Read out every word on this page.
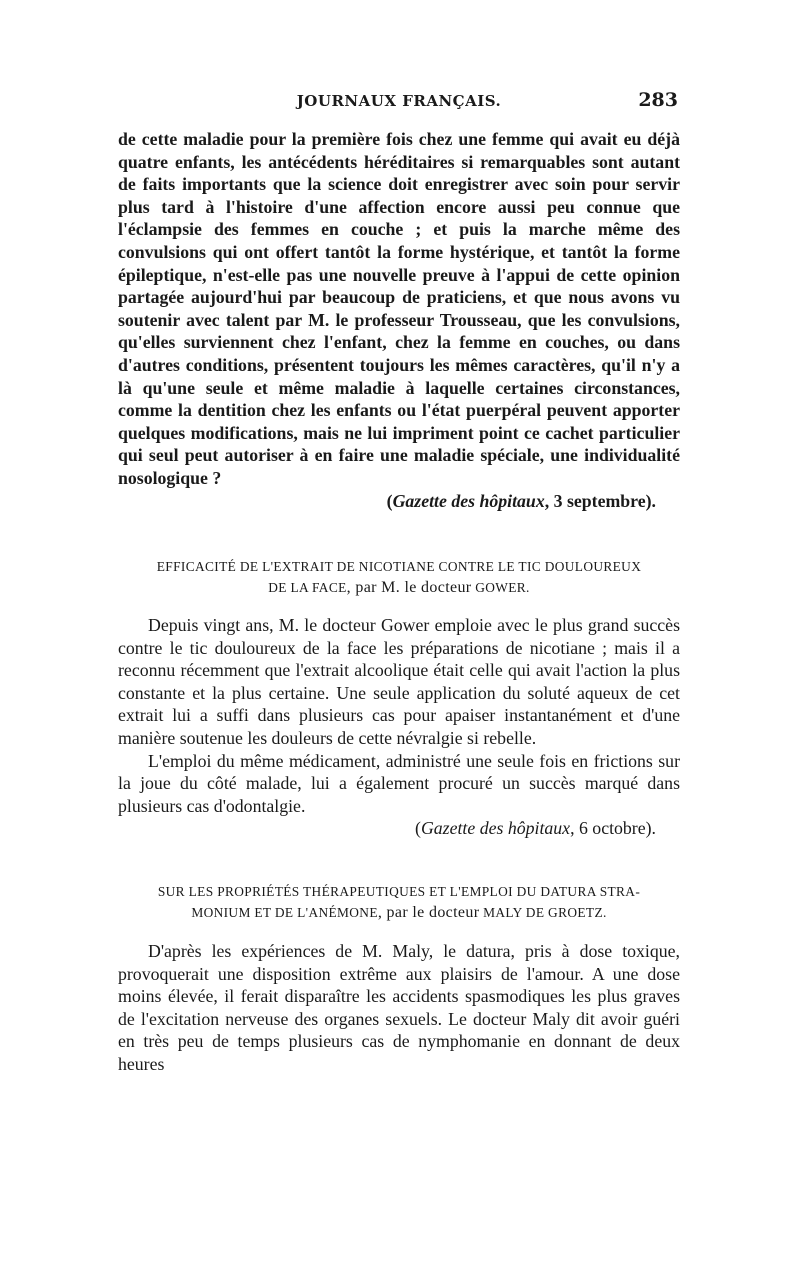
JOURNAUX FRANÇAIS.	283

de cette maladie pour la première fois chez une femme qui avait eu déjà quatre enfants, les antécédents héréditaires si remarquables sont autant de faits importants que la science doit enregistrer avec soin pour servir plus tard à l'histoire d'une affection encore aussi peu connue que l'éclampsie des femmes en couche ; et puis la marche même des convulsions qui ont offert tantôt la forme hystérique, et tantôt la forme épileptique, n'est-elle pas une nouvelle preuve à l'appui de cette opinion partagée aujourd'hui par beaucoup de praticiens, et que nous avons vu soutenir avec talent par M. le professeur Trousseau, que les convulsions, qu'elles surviennent chez l'enfant, chez la femme en couches, ou dans d'autres conditions, présentent toujours les mêmes caractères, qu'il n'y a là qu'une seule et même maladie à laquelle certaines circonstances, comme la dentition chez les enfants ou l'état puerpéral peuvent apporter quelques modifications, mais ne lui impriment point ce cachet particulier qui seul peut autoriser à en faire une maladie spéciale, une individualité nosologique ?

(Gazette des hôpitaux, 3 septembre).

EFFICACITÉ DE L'EXTRAIT DE NICOTIANE CONTRE LE TIC DOULOUREUX
DE LA FACE, par M. le docteur GOWER.

Depuis vingt ans, M. le docteur Gower emploie avec le plus grand succès contre le tic douloureux de la face les préparations de nicotiane ; mais il a reconnu récemment que l'extrait alcoolique était celle qui avait l'action la plus constante et la plus certaine. Une seule application du soluté aqueux de cet extrait lui a suffi dans plusieurs cas pour apaiser instantanément et d'une manière soutenue les douleurs de cette névralgie si rebelle.

L'emploi du même médicament, administré une seule fois en frictions sur la joue du côté malade, lui a également procuré un succès marqué dans plusieurs cas d'odontalgie.

(Gazette des hôpitaux, 6 octobre).

SUR LES PROPRIÉTÉS THÉRAPEUTIQUES ET L'EMPLOI DU DATURA STRA-
MONIUM ET DE L'ANÉMONE, par le docteur MALY DE GROETZ.

D'après les expériences de M. Maly, le datura, pris à dose toxique, provoquerait une disposition extrême aux plaisirs de l'amour. A une dose moins élevée, il ferait disparaître les accidents spasmodiques les plus graves de l'excitation nerveuse des organes sexuels. Le docteur Maly dit avoir guéri en très peu de temps plusieurs cas de nymphomanie en donnant de deux heures
